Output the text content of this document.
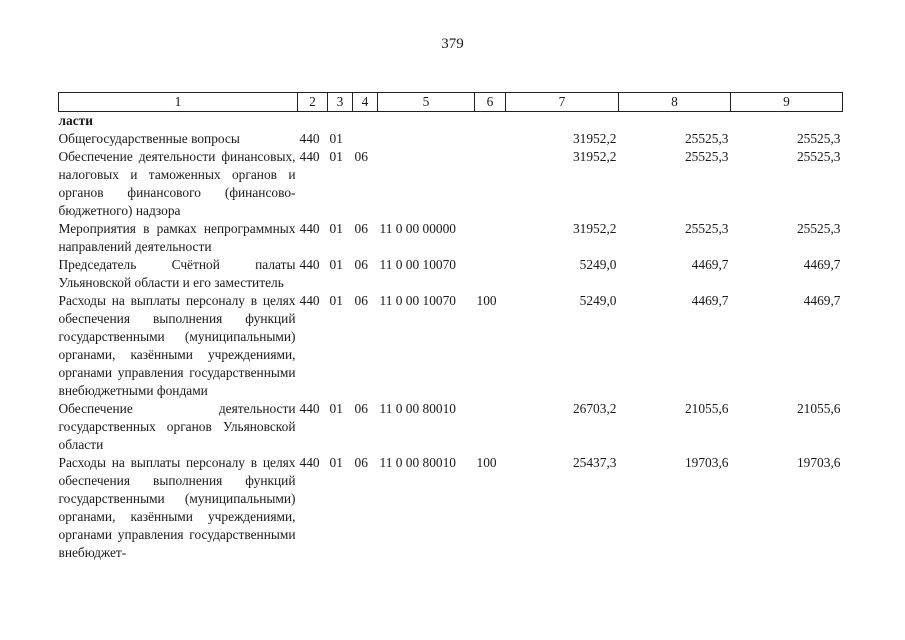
379
1	2	3	4	5	6	7	8	9
ласти								
Общегосударственные вопросы	440	01				31952,2	25525,3	25525,3
Обеспечение деятельности финансовых, налоговых и таможенных органов и органов финансового (финансово-бюджетного) надзора	440	01	06			31952,2	25525,3	25525,3
Мероприятия в рамках непрограммных направлений деятельности	440	01	06	11 0 00 00000		31952,2	25525,3	25525,3
Председатель Счётной палаты Ульяновской области и его заместитель	440	01	06	11 0 00 10070		5249,0	4469,7	4469,7
Расходы на выплаты персоналу в целях обеспечения выполнения функций государственными (муниципальными) органами, казёнными учреждениями, органами управления государственными внебюджетными фондами	440	01	06	11 0 00 10070	100	5249,0	4469,7	4469,7
Обеспечение деятельности государственных органов Ульяновской области	440	01	06	11 0 00 80010		26703,2	21055,6	21055,6
Расходы на выплаты персоналу в целях обеспечения выполнения функций государственными (муниципальными) органами, казёнными учреждениями, органами управления государственными внебюджет-	440	01	06	11 0 00 80010	100	25437,3	19703,6	19703,6
